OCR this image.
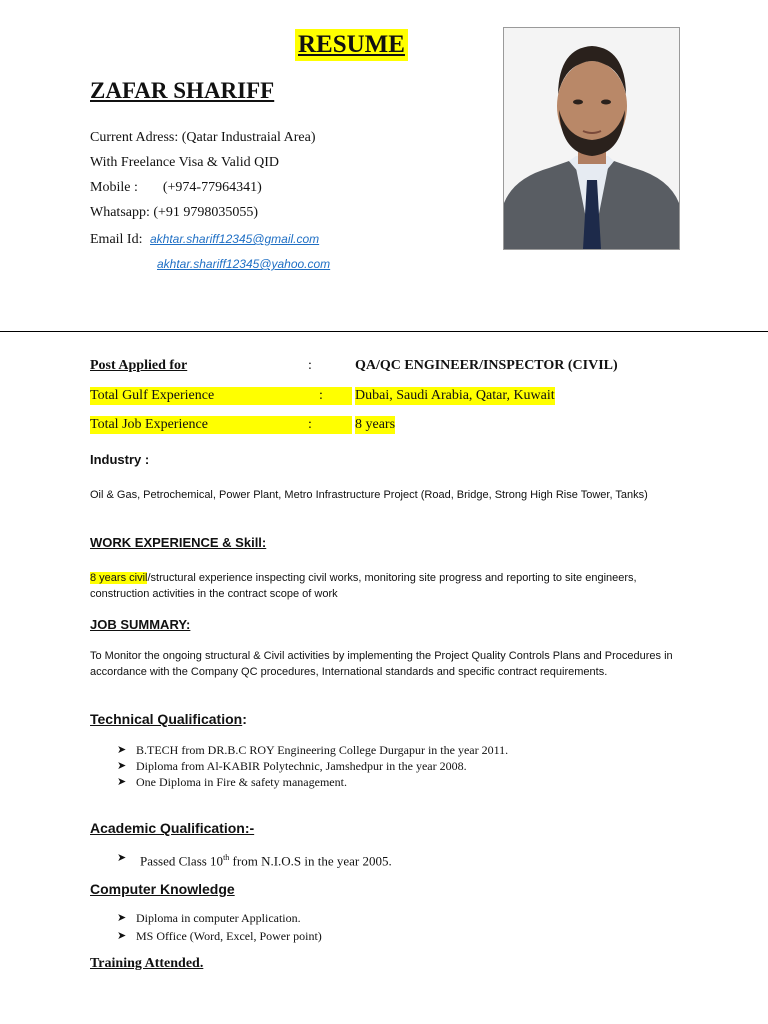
RESUME
ZAFAR SHARIFF
Current Adress: (Qatar Industraial Area)
With Freelance Visa & Valid QID
Mobile : (+974-77964341)
Whatsapp: (+91 9798035055)
Email Id: akhtar.shariff12345@gmail.com
akhtar.shariff12345@yahoo.com
Post Applied for	:	QA/QC ENGINEER/INSPECTOR (CIVIL)
Total Gulf Experience	: Dubai, Saudi Arabia, Qatar, Kuwait
Total Job Experience	:	8 years
Industry :
Oil & Gas, Petrochemical, Power Plant, Metro Infrastructure Project (Road, Bridge, Strong High Rise Tower, Tanks)
WORK EXPERIENCE & Skill:
8 years civil/structural experience inspecting civil works, monitoring site progress and reporting to site engineers, construction activities in the contract scope of work
JOB SUMMARY:
To Monitor the ongoing structural & Civil activities by implementing the Project Quality Controls Plans and Procedures in accordance with the Company QC procedures, International standards and specific contract requirements.
Technical Qualification:
➤ B.TECH from DR.B.C ROY Engineering College Durgapur in the year 2011.
➤ Diploma from Al-KABIR Polytechnic, Jamshedpur in the year 2008.
➤ One Diploma in Fire & safety management.
Academic Qualification:-
➤ Passed Class 10th from N.I.O.S in the year 2005.
Computer Knowledge
➤ Diploma in computer Application.
➤ MS Office (Word, Excel, Power point)
Training Attended.
